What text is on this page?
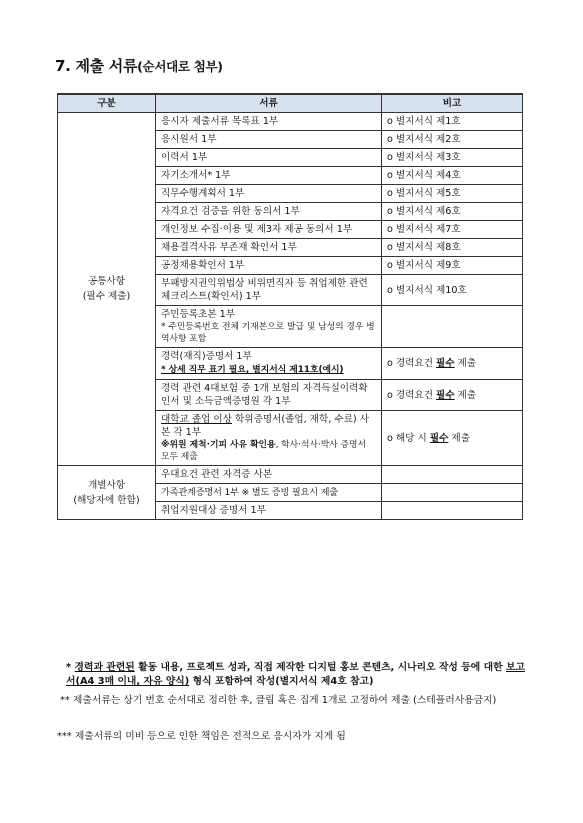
7. 제출 서류(순서대로 첨부)
구분	서류	비고
공통사항
(필수 제출)	응시자 제출서류 목록표 1부	ο 별지서식 제1호
	응시원서 1부	ο 별지서식 제2호
	이력서 1부	ο 별지서식 제3호
	자기소개서* 1부	ο 별지서식 제4호
	직무수행계획서 1부	ο 별지서식 제5호
	자격요건 검증을 위한 동의서 1부	ο 별지서식 제6호
	개인정보 수집·이용 및 제3자 제공 동의서 1부	ο 별지서식 제7호
	채용결격사유 부존재 확인서 1부	ο 별지서식 제8호
	공정채용확인서 1부	ο 별지서식 제9호
	부패방지권익위법상 비위면직자 등 취업제한 관련 체크리스트(확인서) 1부	ο 별지서식 제10호
	주민등록초본 1부
* 주민등록번호 전체 기재본으로 발급 및 남성의 경우 병역사항 포함	

	경력(재직)증명서 1부
* 상세 직무 표기 필요, 별지서식 제11호(예시)	ο 경력요건 필수 제출
	경력 관련 4대보험 중 1개 보험의 자격득실이력확인서 및 소득금액증명원 각 1부	ο 경력요건 필수 제출
	대학교 졸업 이상 학위증명서(졸업, 재학, 수료) 사본 각 1부
※위원 제척·기피 사유 확인용, 학사·석사·박사 증명서 모두 제출	ο 해당 시 필수 제출
개별사항
(해당자에 한함)	우대요건 관련 자격증 사본	
	가족관계증명서 1부 ※ 별도 증빙 필요시 제출	
	취업지원대상 증명서 1부	
* 경력과 관련된 활동 내용, 프로젝트 성과, 직접 제작한 디지털 홍보 콘텐츠, 시나리오 작성 등에 대한 보고서(A4 3매 이내, 자유 양식) 형식 포함하여 작성(별지서식 제4호 참고)
** 제출서류는 상기 번호 순서대로 정리한 후, 클립 혹은 집게 1개로 고정하여 제출 (스테플러사용금지)
*** 제출서류의 미비 등으로 인한 책임은 전적으로 응시자가 지게 됨
